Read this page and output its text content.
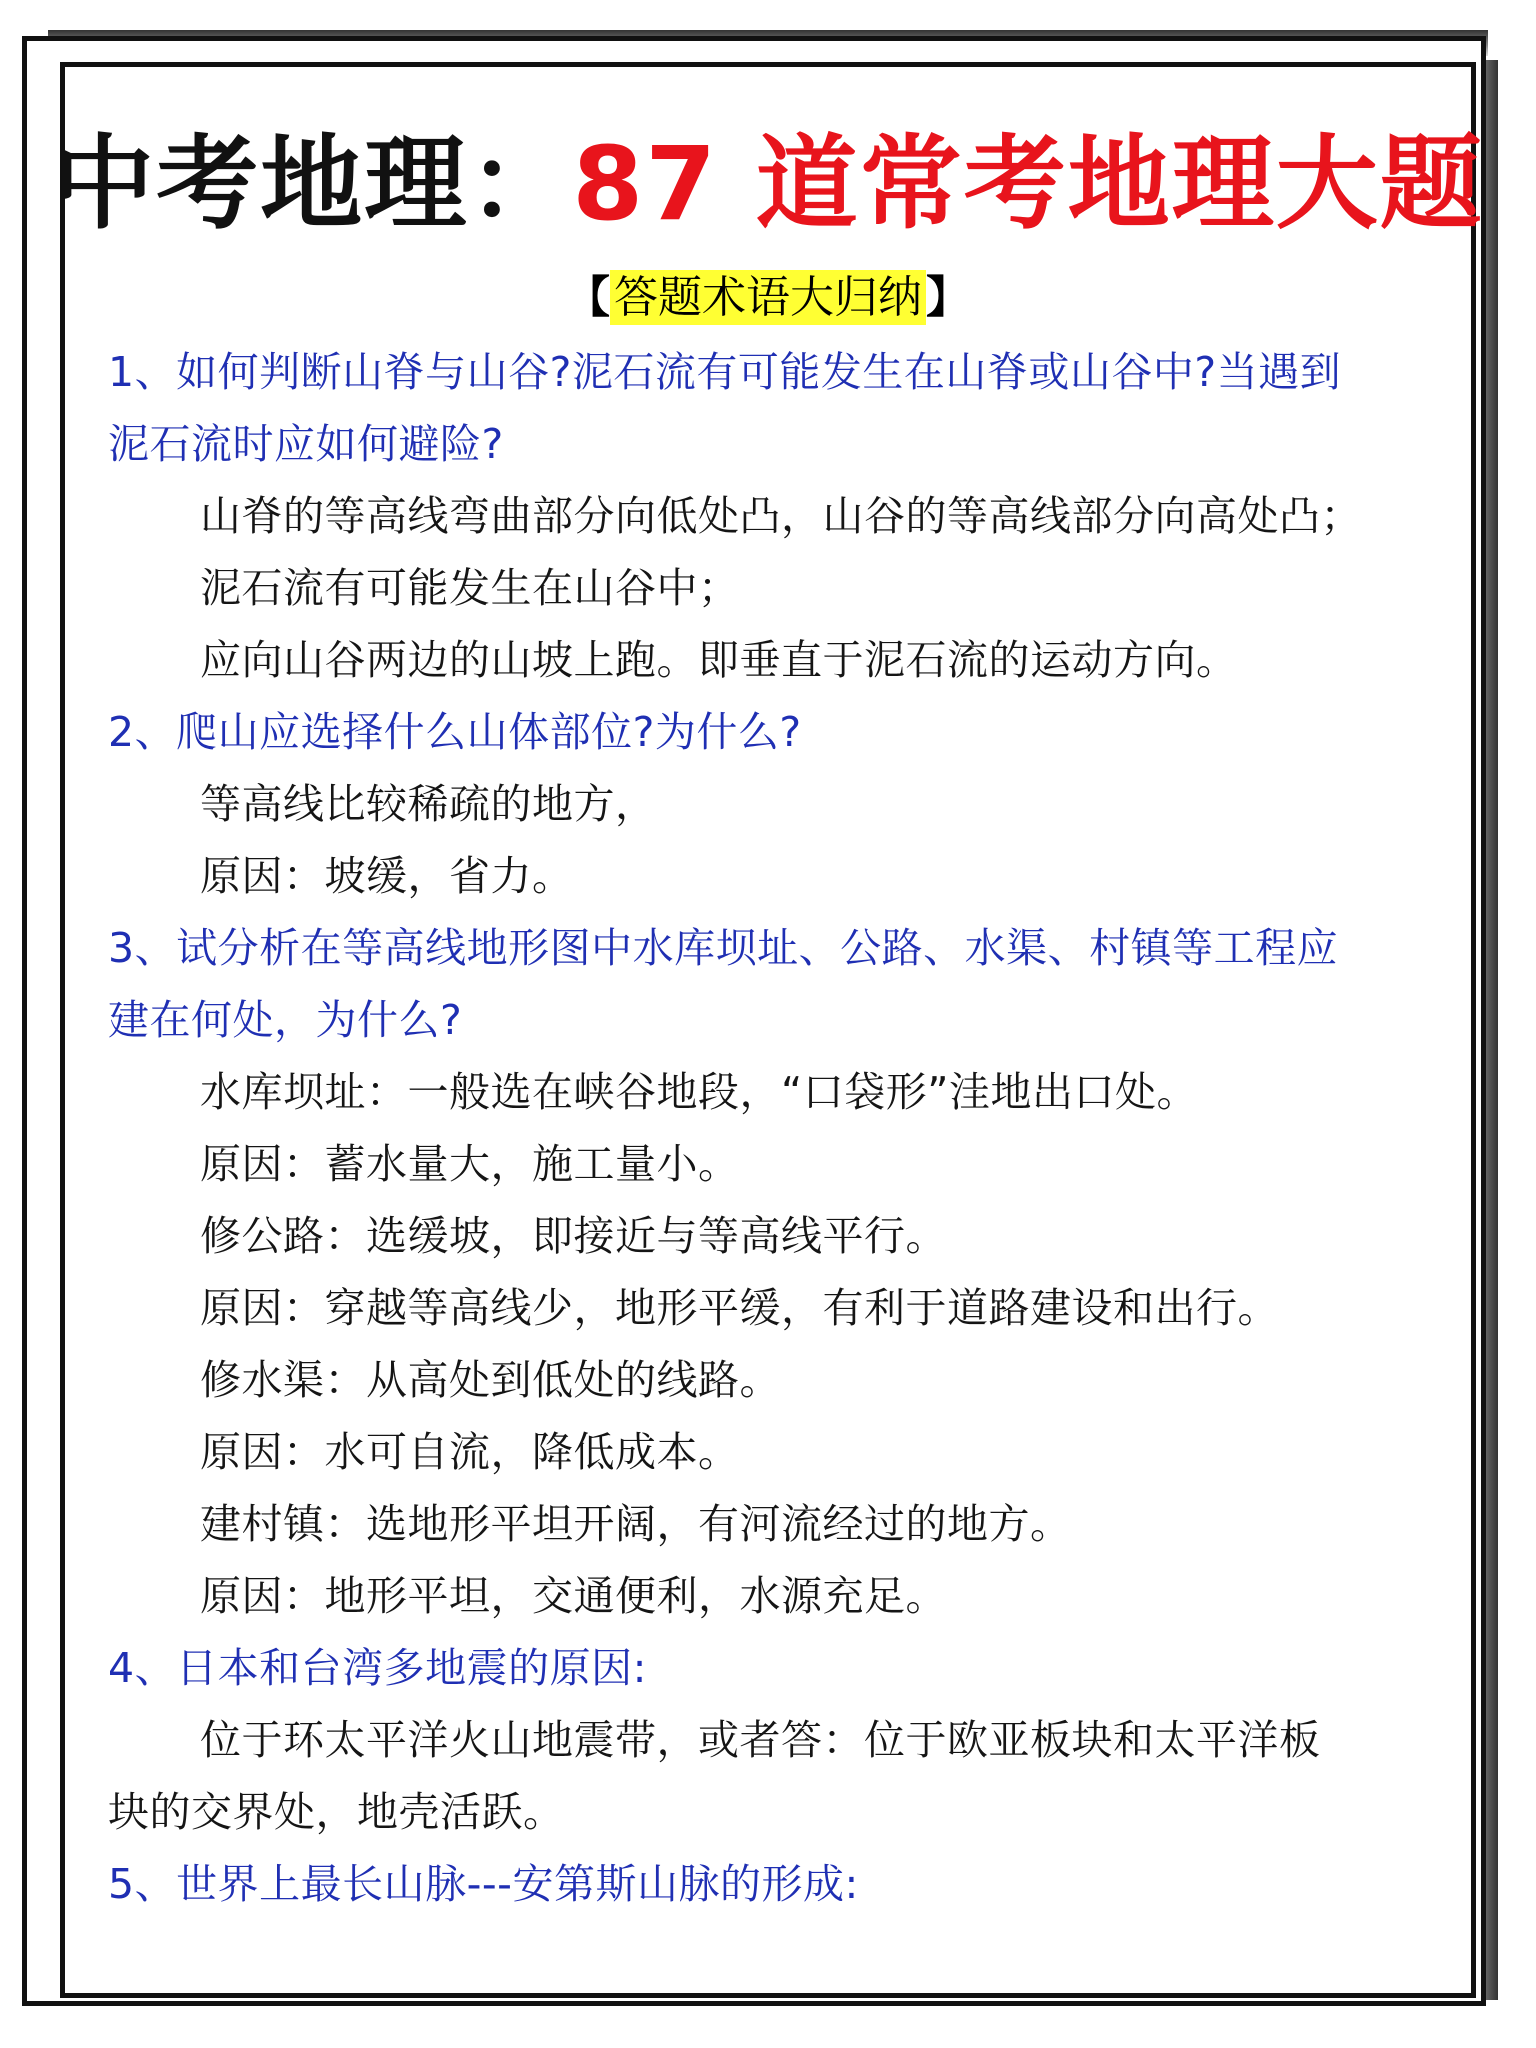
中考地理：87 道常考地理大题
【答题术语大归纳】
1、如何判断山脊与山谷?泥石流有可能发生在山脊或山谷中?当遇到
泥石流时应如何避险?
山脊的等高线弯曲部分向低处凸，山谷的等高线部分向高处凸；
泥石流有可能发生在山谷中；
应向山谷两边的山坡上跑。即垂直于泥石流的运动方向。
2、爬山应选择什么山体部位?为什么?
等高线比较稀疏的地方，
原因：坡缓，省力。
3、试分析在等高线地形图中水库坝址、公路、水渠、村镇等工程应
建在何处，为什么?
水库坝址：一般选在峡谷地段，“口袋形”洼地出口处。
原因：蓄水量大，施工量小。
修公路：选缓坡，即接近与等高线平行。
原因：穿越等高线少，地形平缓，有利于道路建设和出行。
修水渠：从高处到低处的线路。
原因：水可自流，降低成本。
建村镇：选地形平坦开阔，有河流经过的地方。
原因：地形平坦，交通便利，水源充足。
4、日本和台湾多地震的原因:
位于环太平洋火山地震带，或者答：位于欧亚板块和太平洋板
块的交界处，地壳活跃。
5、世界上最长山脉---安第斯山脉的形成:
